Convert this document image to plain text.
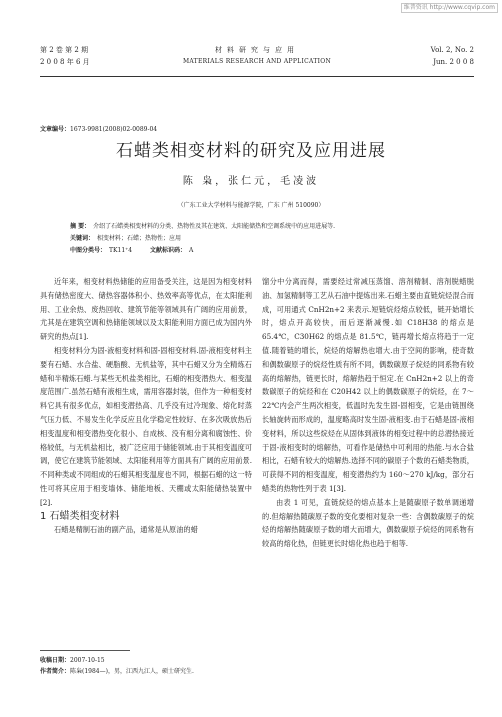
维普资讯 http://www.cqvip.com
第 2 卷 第 2 期
2 0 0 8 年 6 月
材料研究与应用
MATERIALS RESEARCH AND APPLICATION
Vol. 2, No. 2
Jun. 2 0 0 8
文章编号：1673-9981(2008)02-0089-04
石蜡类相变材料的研究及应用进展
陈 枭，张仁元，毛凌波
（广东工业大学材料与能源学院，广东 广州 510090）
摘 要： 介绍了石蜡类相变材料的分类、热物性及其在建筑、太阳能储热和空调系统中的应用进展等.
关键词： 相变材料；石蜡；热物性；应用
中图分类号： TK11⁺4	文献标识码： A

近年来，相变材料热储能的应用备受关注，这是因为相变材料具有储热密度大、储热容器体积小、热效率高等优点，在太阳能利用、工业余热、废热回收、建筑节能等领域具有广阔的应用前景，尤其是在建筑空调和热储能领域以及太阳能利用方面已成为国内外研究的热点[1].

相变材料分为固-液相变材料和固-固相变材料.固-液相变材料主要有石蜡、水合盐、硬脂酸、无机盐等，其中石蜡又分为全精炼石蜡和半精炼石蜡.与某些无机盐类相比，石蜡的相变潜热大、相变温度范围广.虽然石蜡有液相生成，需用容器封装，但作为一种相变材料它具有很多优点，如相变潜热高、几乎没有过冷现象、熔化时蒸气压力低、不易发生化学反应且化学稳定性较好、在多次吸放热后相变温度和相变潜热变化很小、自成核、没有相分离和腐蚀性、价格较低，与无机盐相比，被广泛应用于储能领域.由于其相变温度可调，使它在建筑节能领域、太阳能利用等方面具有广阔的应用前景.不同种类或不同组成的石蜡其相变温度也不同，根据石蜡的这一特性可将其应用于相变墙体、储能地板、天棚或太阳能储热装置中[2].

1 石蜡类相变材料

石蜡是精制石油的副产品，通常是从原油的蜡

馏分中分离而得，需要经过常减压蒸馏、溶剂精制、溶剂脱蜡脱油、加氢精制等工艺从石油中提炼出来.石蜡主要由直链烷烃混合而成，可用通式 CnH2n+2 来表示.短链烷烃熔点较低，链开始增长时，熔点开高较快，而后逐渐减慢.如 C18H38 的熔点是 65.4℃，C30H62 的熔点是 81.5℃，链再增长熔点将趋于一定值.随着链的增长，烷烃的熔解热也增大.由于空间的影响，使奇数和偶数碳原子的烷烃性质有所不同，偶数碳原子烷烃的同系物有较高的熔解热，链更长时，熔解热趋于恒定.在 CnH2n+2 以上的奇数碳原子的烷烃和在 C20H42 以上的偶数碳原子的烷烃，在 7～22℃内会产生两次相变，低温时先发生固-固相变，它是由链围绕长轴旋转而形成的，温度略高时发生固-液相变.由于石蜡是固-液相变材料，所以这些烷烃在从固体到液体的相变过程中的总潜热接近于固-液相变时的熔解热，可看作是储热中可利用的热能.与水合盐相比，石蜡有较大的熔解热.选择不同的碳原子个数的石蜡类物质，可获得不同的相变温度，相变潜热约为 160～270 kJ/kg，部分石蜡类的热物性列于表 1[3].

由表 1 可见，直链烷烃的熔点基本上是随碳原子数单调递增的.但熔解热随碳原子数的变化要相对复杂一些：含偶数碳原子的烷烃的熔解热随碳原子数的增大而增大，偶数碳原子烷烃的同系物有较高的熔化热，但链更长时熔化热也趋于相等.

收稿日期：2007-10-15
作者简介：陈枭(1984—)，男，江西九江人，硕士研究生.
